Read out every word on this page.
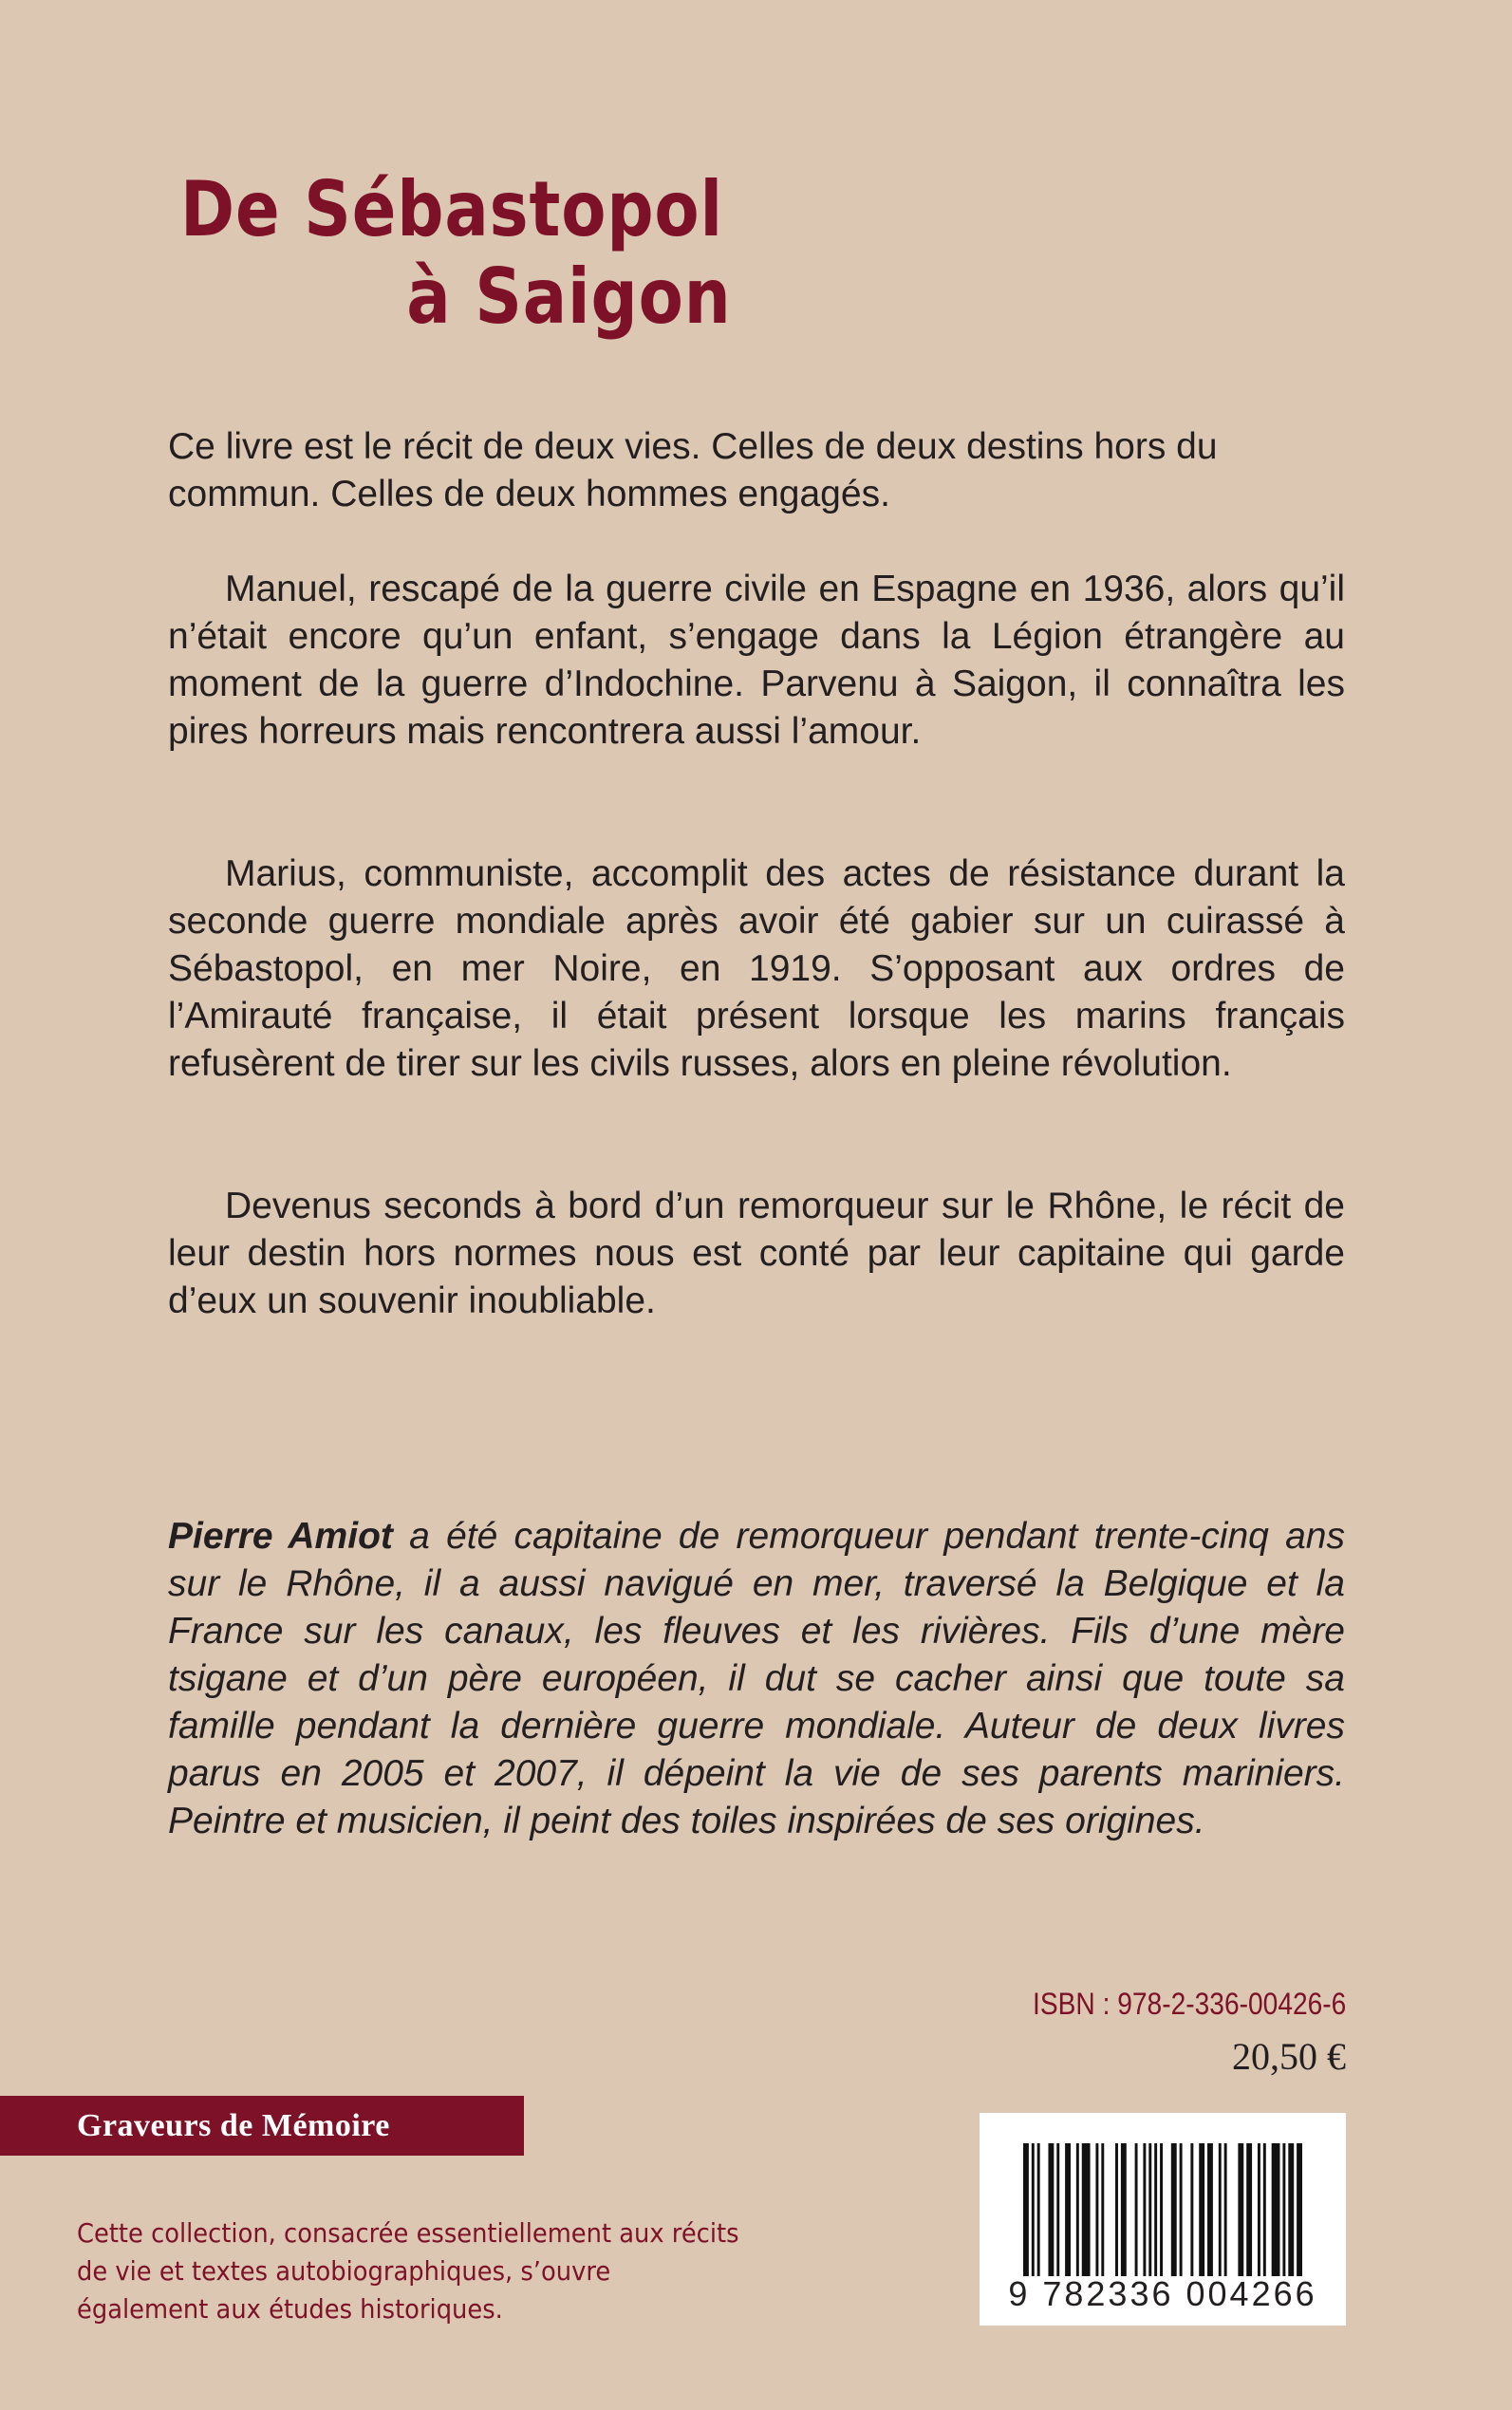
De Sébastopol
à Saigon

Ce livre est le récit de deux vies. Celles de deux destins hors du commun. Celles de deux hommes engagés.

Manuel, rescapé de la guerre civile en Espagne en 1936, alors qu’il n’était encore qu’un enfant, s’engage dans la Légion étrangère au moment de la guerre d’Indochine. Parvenu à Saigon, il connaîtra les pires horreurs mais rencontrera aussi l’amour.

Marius, communiste, accomplit des actes de résistance durant la seconde guerre mondiale après avoir été gabier sur un cuirassé à Sébastopol, en mer Noire, en 1919. S’opposant aux ordres de l’Amirauté française, il était présent lorsque les marins français refusèrent de tirer sur les civils russes, alors en pleine révolution.

Devenus seconds à bord d’un remorqueur sur le Rhône, le récit de leur destin hors normes nous est conté par leur capitaine qui garde d’eux un souvenir inoubliable.

Pierre Amiot a été capitaine de remorqueur pendant trente-cinq ans sur le Rhône, il a aussi navigué en mer, traversé la Belgique et la France sur les canaux, les fleuves et les rivières. Fils d’une mère tsigane et d’un père européen, il dut se cacher ainsi que toute sa famille pendant la dernière guerre mondiale. Auteur de deux livres parus en 2005 et 2007, il dépeint la vie de ses parents mariniers. Peintre et musicien, il peint des toiles inspirées de ses origines.
ISBN : 978-2-336-00426-6
20,50 €
Graveurs de Mémoire
Cette collection, consacrée essentiellement aux récits de vie et textes autobiographiques, s’ouvre également aux études historiques.	9 782336 004266
